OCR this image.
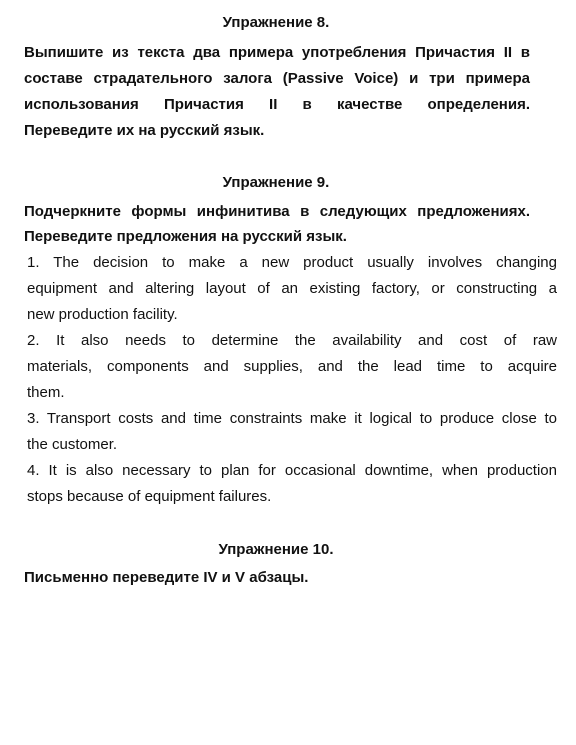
Упражнение 8.
Выпишите из текста два примера употребления Причастия II в
составе страдательного залога (Passive Voice) и три примера
использования Причастия II в качестве определения.
Переведите их на русский язык.
Упражнение 9.
Подчеркните формы инфинитива в следующих предложениях.
Переведите предложения на русский язык.
1. The decision to make a new product usually involves changing
equipment and altering layout of an existing factory, or constructing a
new production facility.
2. It also needs to determine the availability and cost of raw
materials, components and supplies, and the lead time to acquire
them.
3. Transport costs and time constraints make it logical to produce close to
the customer.
4. It is also necessary to plan for occasional downtime, when production
stops because of equipment failures.
Упражнение 10.
Письменно переведите IV и V абзацы.
